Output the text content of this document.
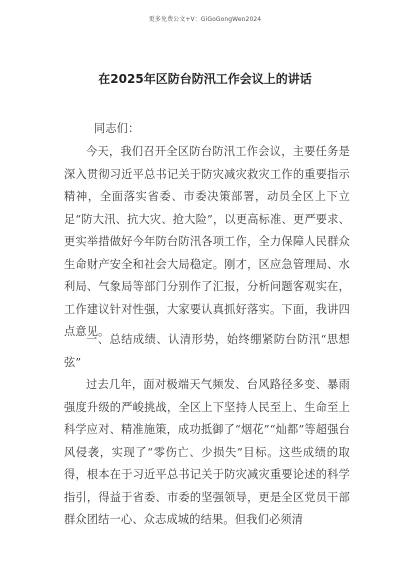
更多免费公文+V：GiGoGongWen2024
在2025年区防台防汛工作会议上的讲话
同志们：

今天，我们召开全区防台防汛工作会议，主要任务是深入贯彻习近平总书记关于防灾减灾救灾工作的重要指示精神，全面落实省委、市委决策部署，动员全区上下立足“防大汛、抗大灾、抢大险”，以更高标准、更严要求、更实举措做好今年防台防汛各项工作，全力保障人民群众生命财产安全和社会大局稳定。刚才，区应急管理局、水利局、气象局等部门分别作了汇报，分析问题客观实在，工作建议针对性强，大家要认真抓好落实。下面，我讲四点意见。

一、总结成绩、认清形势，始终绷紧防台防汛“思想弦”

过去几年，面对极端天气频发、台风路径多变、暴雨强度升级的严峻挑战，全区上下坚持人民至上、生命至上科学应对、精准施策，成功抵御了“烟花”“灿都”等超强台风侵袭，实现了“零伤亡、少损失”目标。这些成绩的取得，根本在于习近平总书记关于防灾减灾重要论述的科学指引，得益于省委、市委的坚强领导，更是全区党员干部群众团结一心、众志成城的结果。但我们必须清
